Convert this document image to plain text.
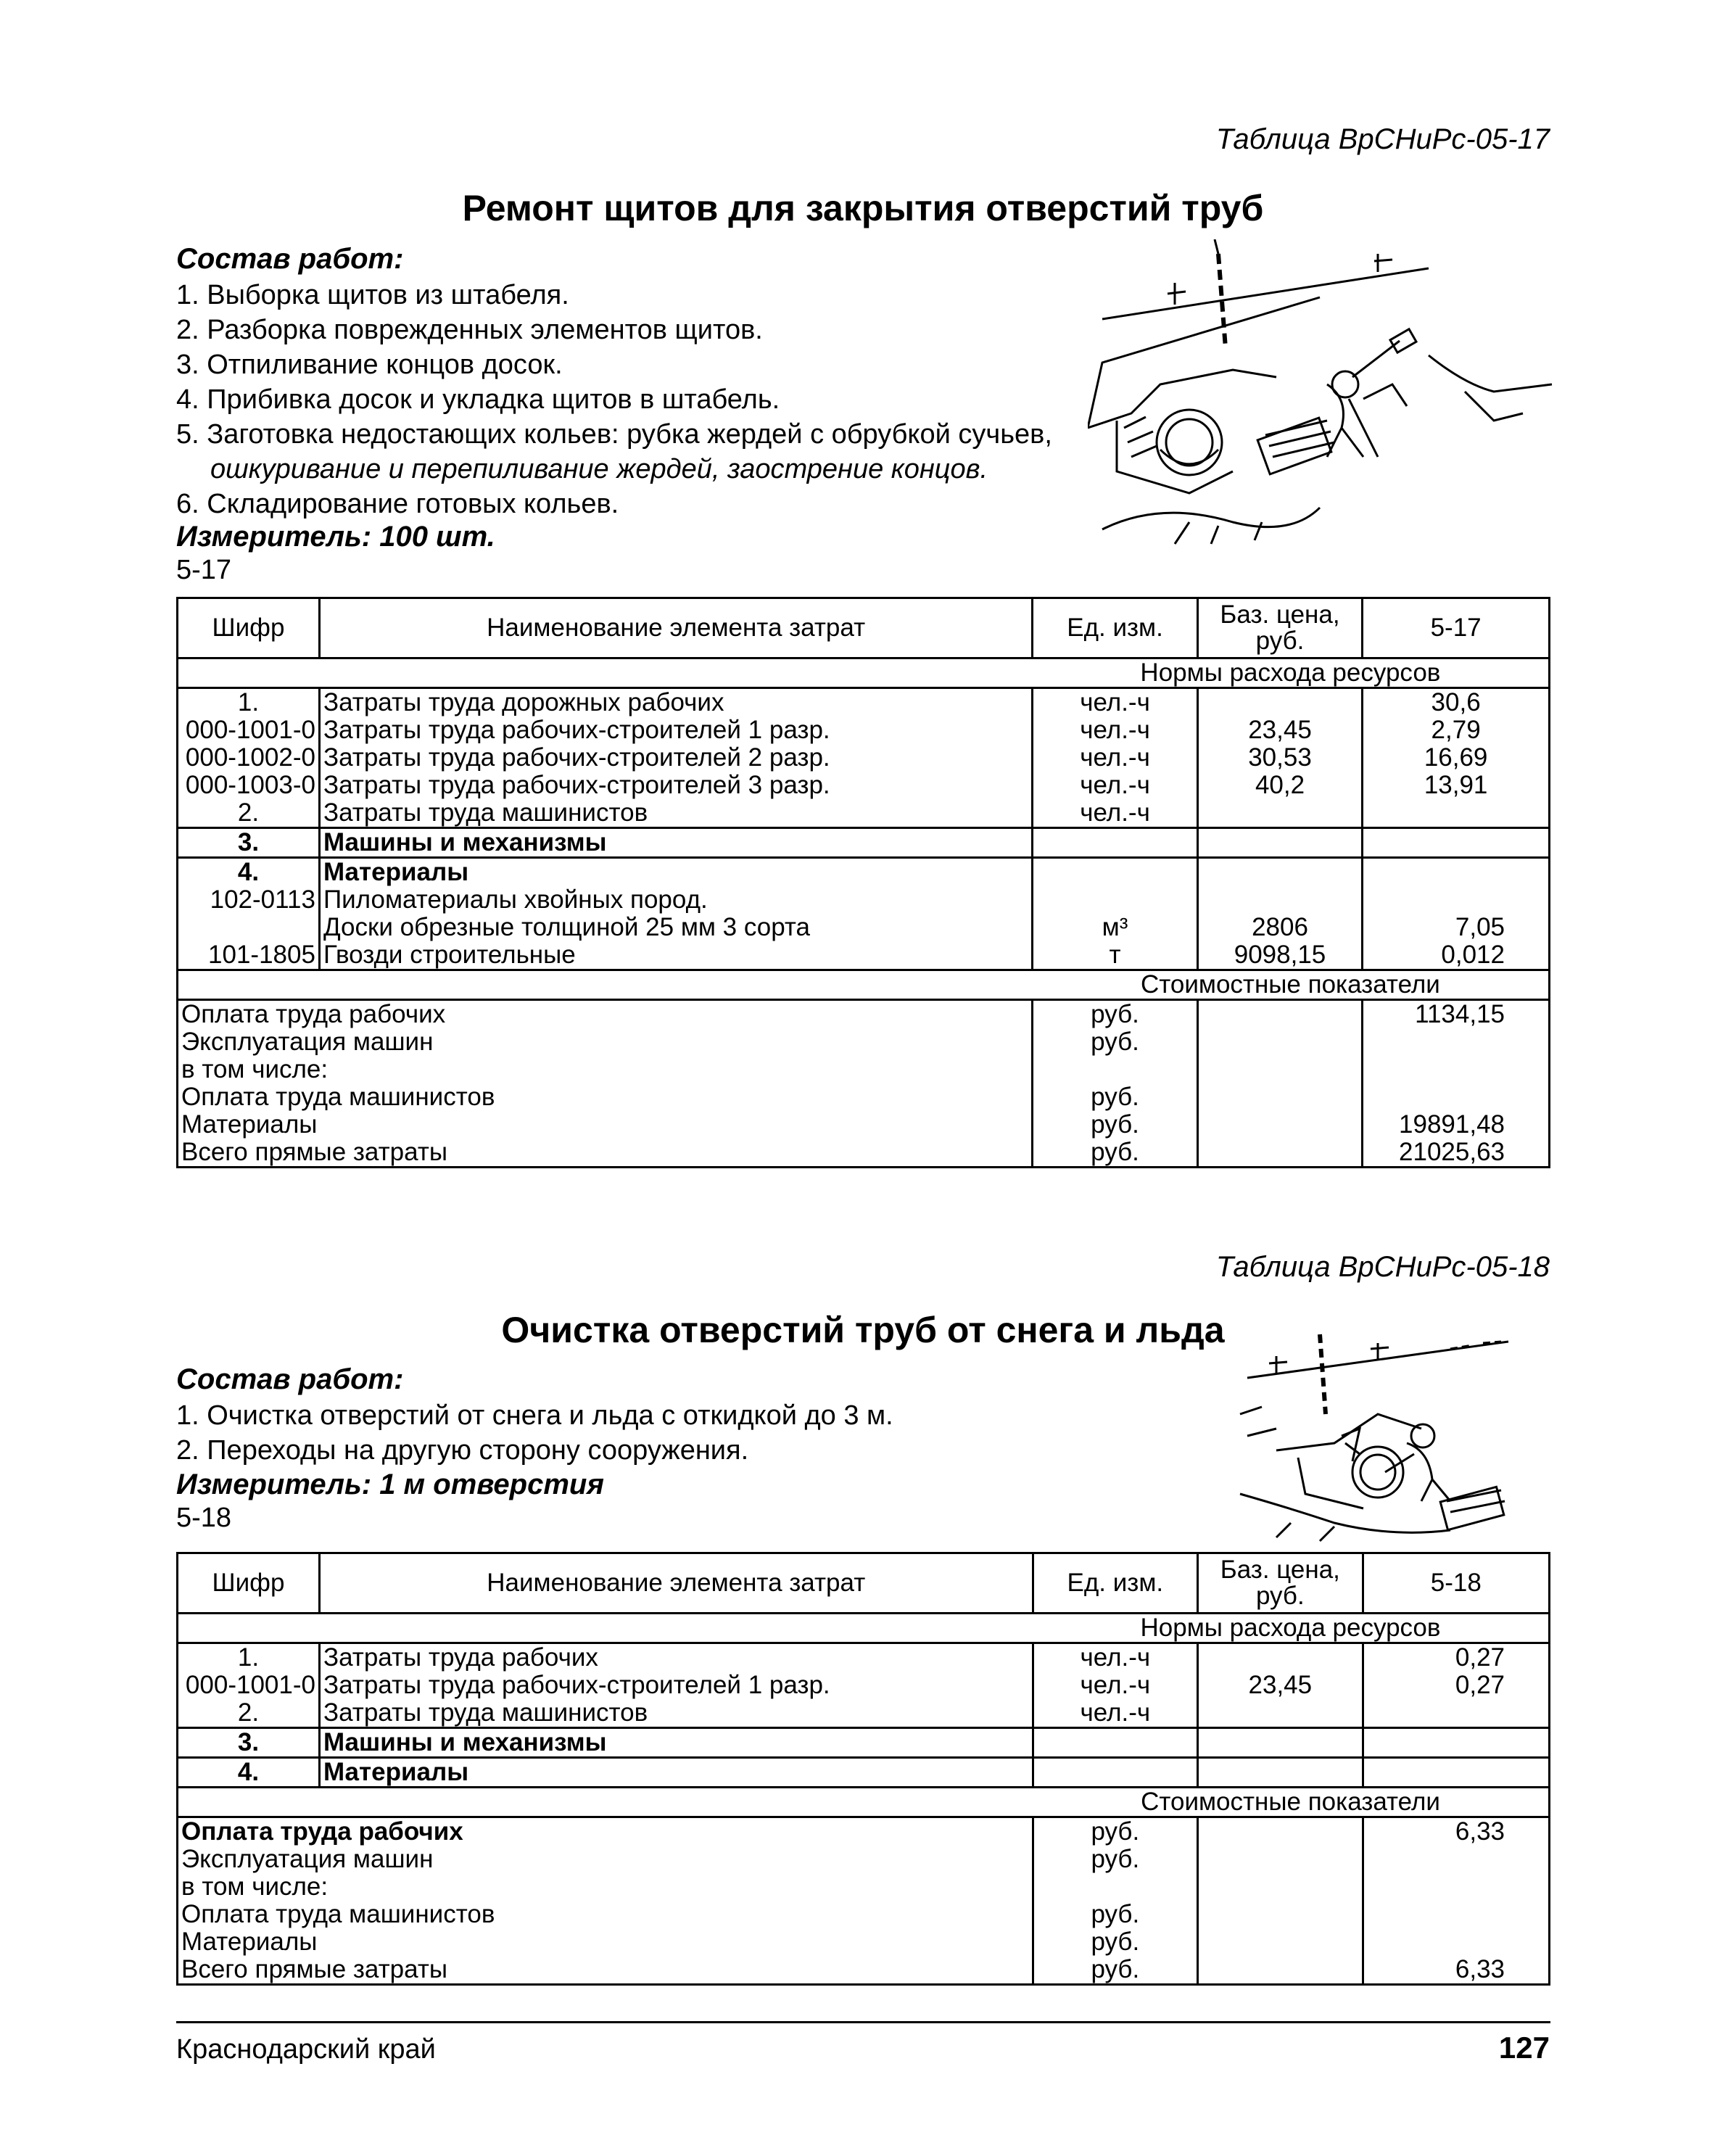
Таблица ВрСНиРс-05-17
Ремонт щитов для закрытия отверстий труб
Состав работ:
1. Выборка щитов из штабеля.
2. Разборка поврежденных элементов щитов.
3. Отпиливание концов досок.
4. Прибивка досок и укладка щитов в штабель.
5. Заготовка недостающих кольев: рубка жердей с обрубкой сучьев,
ошкуривание и перепиливание жердей, заострение концов.
6. Складирование готовых кольев.
Измеритель: 100 шт.
5-17
Шифр	Наименование элемента затрат	Ед. изм.	Баз. цена, руб.	5-17
		Нормы расхода ресурсов		
1.	Затраты труда дорожных рабочих	чел.-ч		30,6
000-1001-0	Затраты труда рабочих-строителей 1 разр.	чел.-ч	23,45	2,79
000-1002-0	Затраты труда рабочих-строителей 2 разр.	чел.-ч	30,53	16,69
000-1003-0	Затраты труда рабочих-строителей 3 разр.	чел.-ч	40,2	13,91
2.	Затраты труда машинистов	чел.-ч		
3.	Машины и механизмы			
4.	Материалы			
102-0113	Пиломатериалы хвойных пород.			
	Доски обрезные толщиной 25 мм 3 сорта	м³	2806	7,05
101-1805	Гвозди строительные	т	9098,15	0,012
		Стоимостные показатели		
Оплата труда рабочих		руб.		1134,15
Эксплуатация машин		руб.		
в том числе:				
Оплата труда машинистов		руб.		
Материалы		руб.		19891,48
Всего прямые затраты		руб.		21025,63
Таблица ВрСНиРс-05-18
Очистка отверстий труб от снега и льда
Состав работ:
1. Очистка отверстий от снега и льда с откидкой до 3 м.
2. Переходы на другую сторону сооружения.
Измеритель: 1 м отверстия
5-18
Шифр	Наименование элемента затрат	Ед. изм.	Баз. цена, руб.	5-18
		Нормы расхода ресурсов		
1.	Затраты труда рабочих	чел.-ч		0,27
000-1001-0	Затраты труда рабочих-строителей 1 разр.	чел.-ч	23,45	0,27
2.	Затраты труда машинистов	чел.-ч		
3.	Машины и механизмы			
4.	Материалы			
		Стоимостные показатели		
Оплата труда рабочих		руб.		6,33
Эксплуатация машин		руб.		
в том числе:				
Оплата труда машинистов		руб.		
Материалы		руб.		
Всего прямые затраты		руб.		6,33
Краснодарский край	127
